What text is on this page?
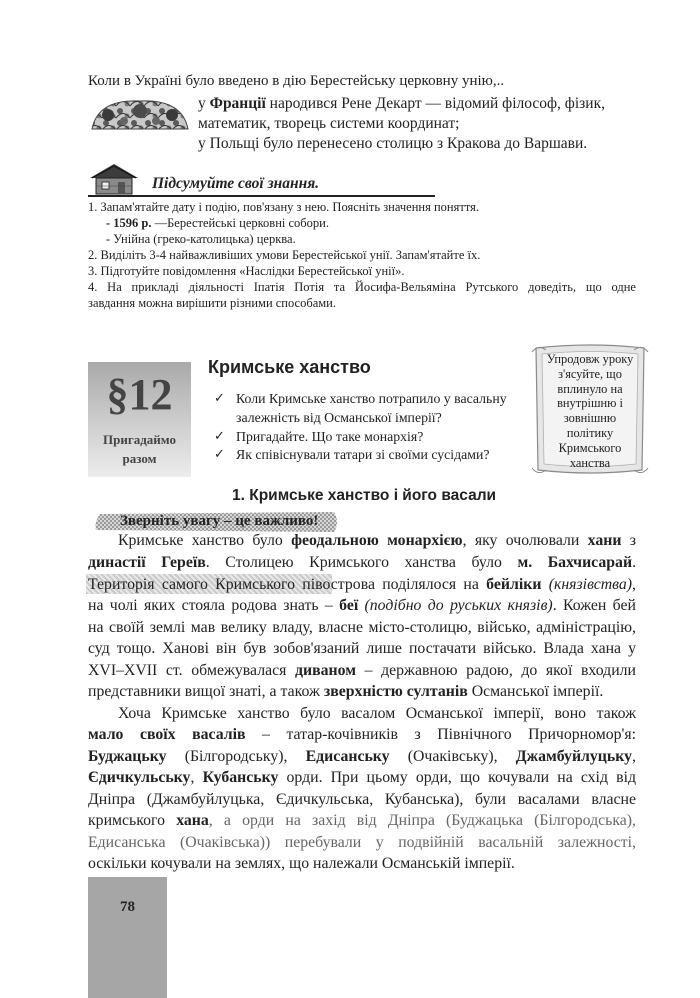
Коли в Україні було введено в дію Берестейську церковну унію,..
у Франції народився Рене Декарт — відомий філософ, фізик,
математик, творець системи координат;
у Польщі було перенесено столицю з Кракова до Варшави.
Підсумуйте свої знання.
1. Запам'ятайте дату і подію, пов'язану з нею. Поясніть значення поняття.
- 1596 р. —Берестейські церковні собори.
- Унійна (греко-католицька) церква.
2. Виділіть 3-4 найважливіших умови Берестейської унії. Запам'ятайте їх.
3. Підготуйте повідомлення «Наслідки Берестейської унії».
4. На прикладі діяльності Іпатія Потія та Йосифа-Вельяміна Рутського доведіть, що одне
завдання можна вирішити різними способами.
§12
Пригадаймо
разом
Кримське ханство
✓ Коли Кримське ханство потрапило у васальну
залежність від Османської імперії?
✓ Пригадайте. Що таке монархія?
✓ Як співіснували татари зі своїми сусідами?
Упродовж уроку
з'ясуйте, що
вплинуло на
внутрішню і
зовнішню
політику
Кримського
ханства
1. Кримське ханство і його васали
Зверніть увагу – це важливо!
Кримське ханство було феодальною монархією, яку очолювали хани з
династії Гереїв. Столицею Кримського ханства було м. Бахчисарай.
Територія самого Кримського півострова поділялося на бейліки (князівства),
на чолі яких стояла родова знать – беї (подібно до руських князів). Кожен бей
на своїй землі мав велику владу, власне місто-столицю, військо, адміністрацію,
суд тощо. Ханові він був зобов'язаний лише постачати військо. Влада хана у
XVI–XVII ст. обмежувалася диваном – державною радою, до якої входили
представники вищої знаті, а також зверхністю султанів Османської імперії.
Хоча Кримське ханство було васалом Османської імперії, воно також
мало своїх васалів – татар-кочівників з Північного Причорномор'я:
Буджацьку (Білгородську), Едисанську (Очаківську), Джамбуйлуцьку,
Єдичкульську, Кубанську орди. При цьому орди, що кочували на схід від
Дніпра (Джамбуйлуцька, Єдичкульська, Кубанська), були васалами власне
кримського хана, а орди на захід від Дніпра (Буджацька (Білгородська),
Едисанська (Очаківська)) перебували у подвійній васальній залежності,
оскільки кочували на землях, що належали Османській імперії.
78
